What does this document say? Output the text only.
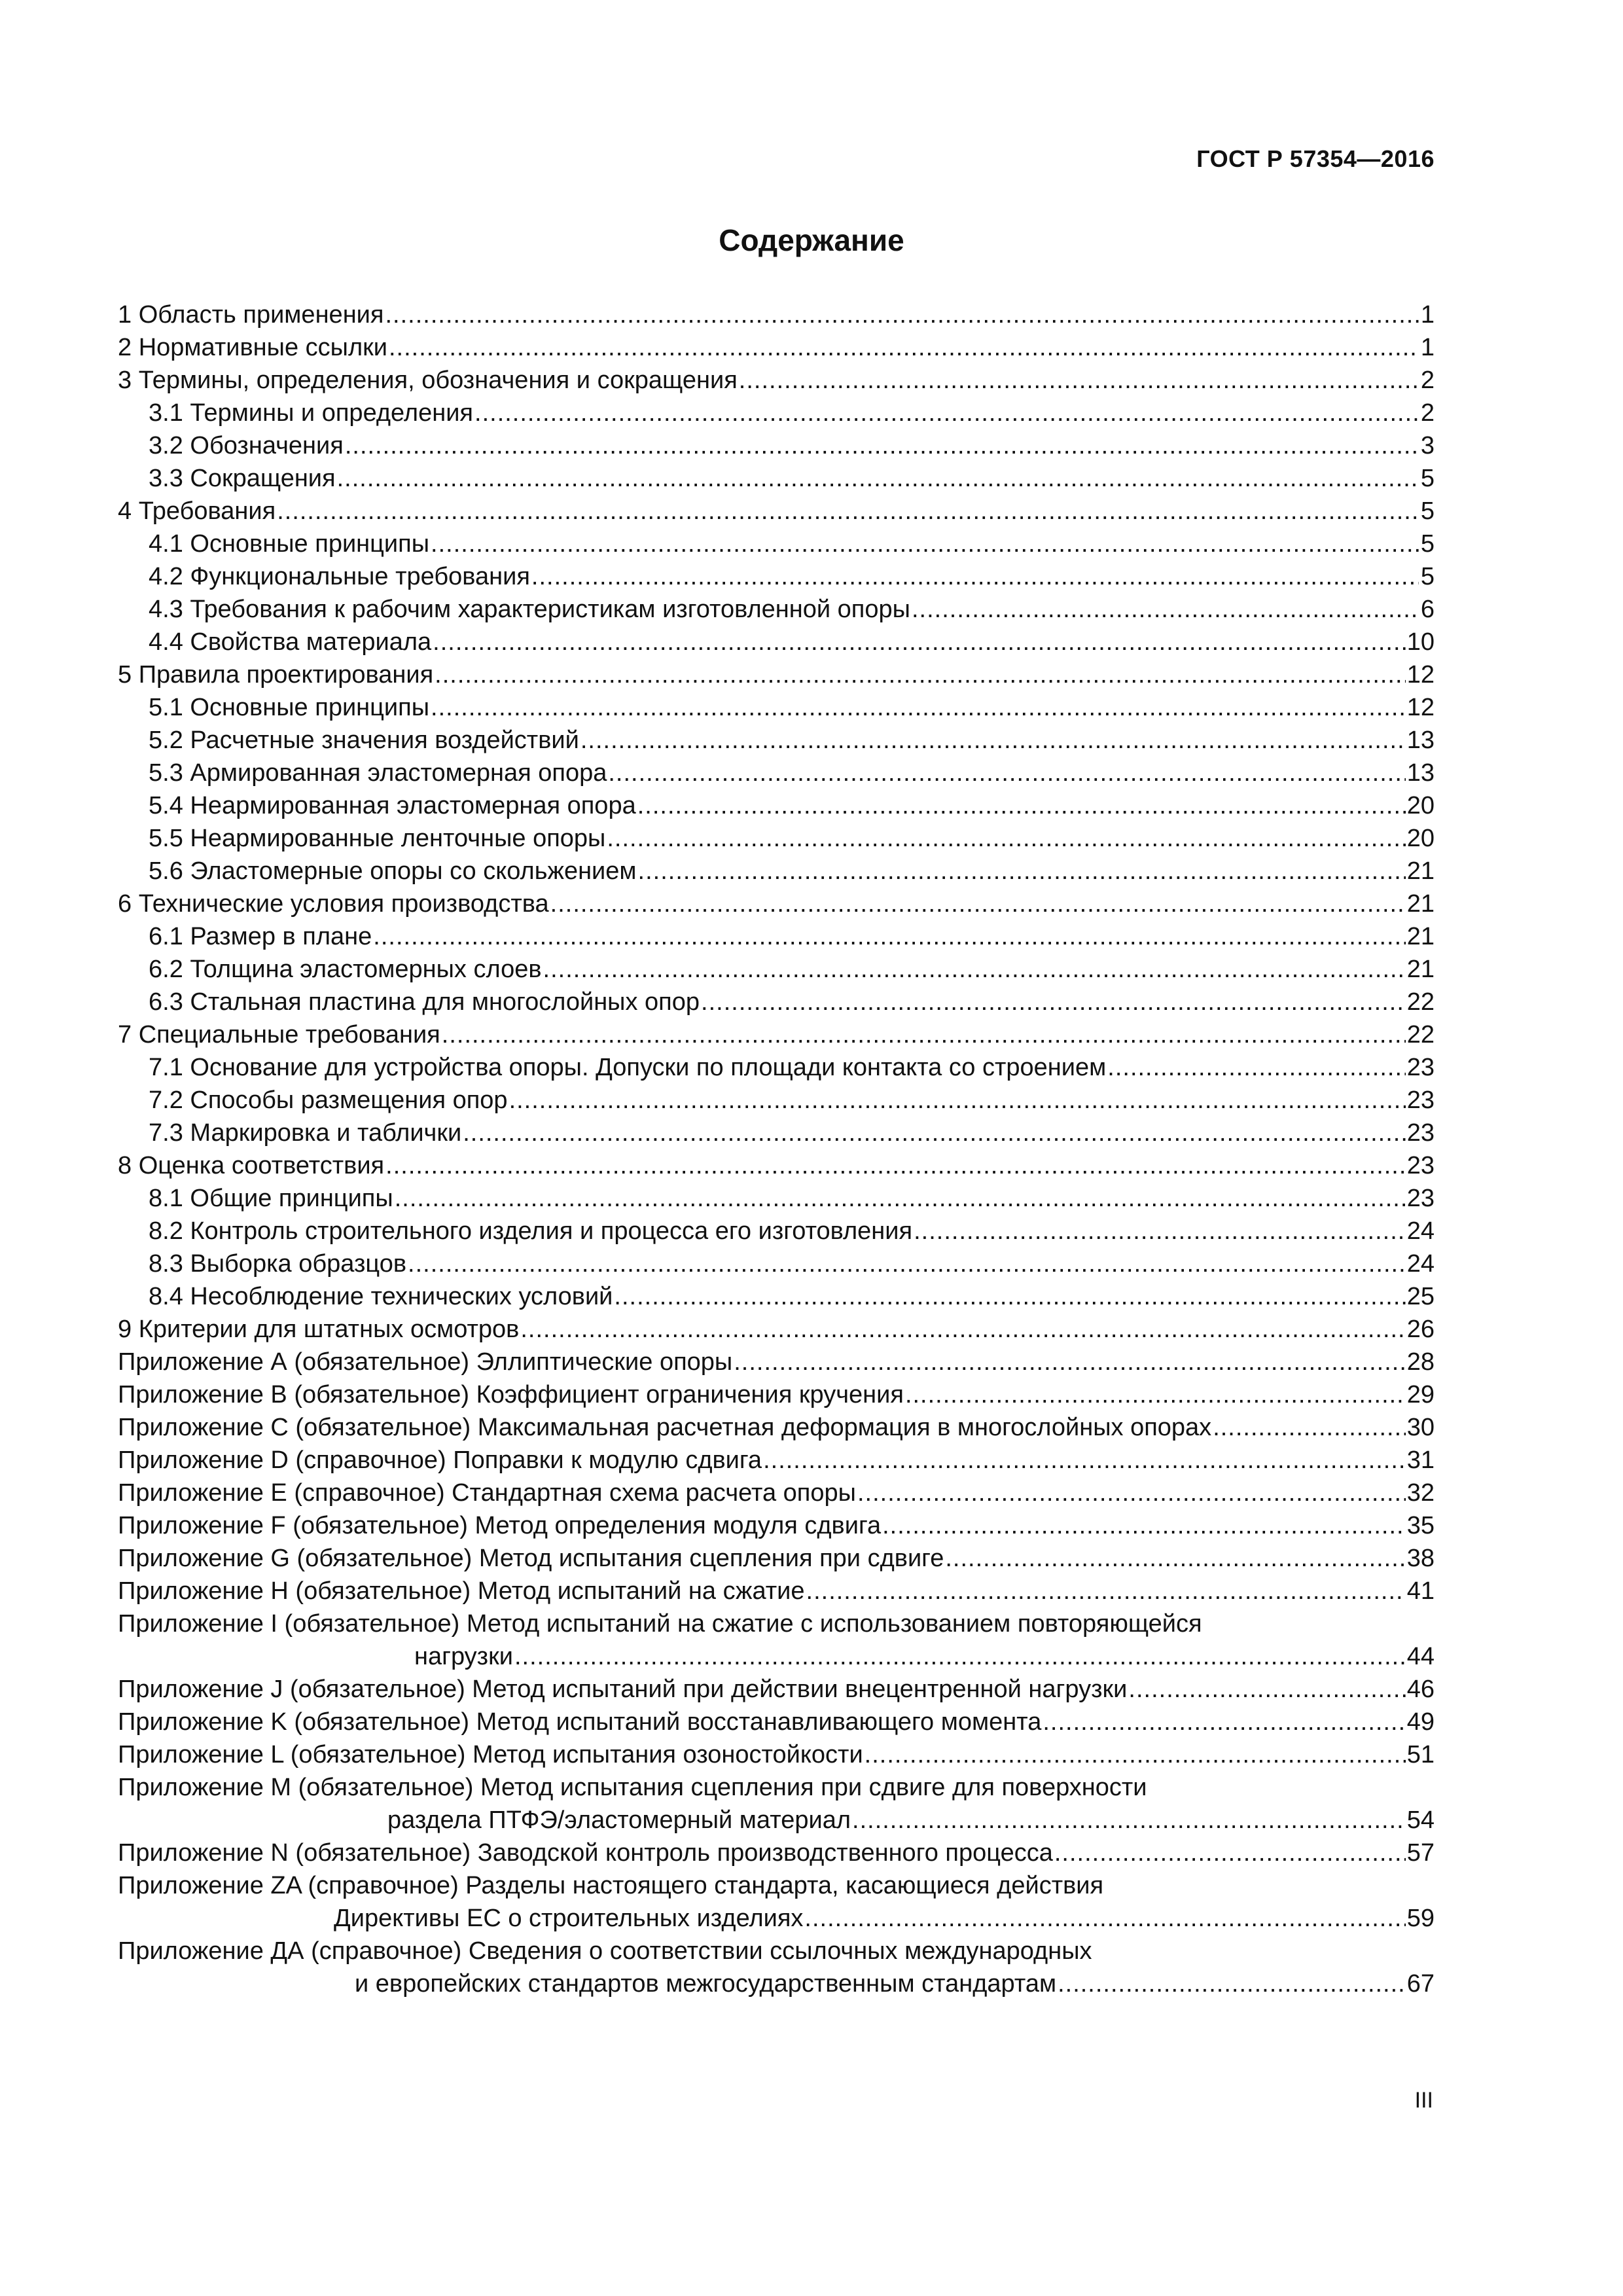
ГОСТ Р 57354—2016
Содержание
1 Область применения .....	1
2 Нормативные ссылки .....	1
3 Термины, определения, обозначения и сокращения .....	2
3.1 Термины и определения .....	2
3.2 Обозначения .....	3
3.3 Сокращения .....	5
4 Требования .....	5
4.1 Основные принципы .....	5
4.2 Функциональные требования .....	5
4.3 Требования к рабочим характеристикам изготовленной опоры .....	6
4.4 Свойства материала .....	10
5 Правила проектирования .....	12
5.1 Основные принципы .....	12
5.2 Расчетные значения воздействий .....	13
5.3 Армированная эластомерная опора .....	13
5.4 Неармированная эластомерная опора .....	20
5.5 Неармированные ленточные опоры .....	20
5.6 Эластомерные опоры со скольжением .....	21
6 Технические условия производства .....	21
6.1 Размер в плане .....	21
6.2 Толщина эластомерных слоев .....	21
6.3 Стальная пластина для многослойных опор .....	22
7 Специальные требования .....	22
7.1 Основание для устройства опоры. Допуски по площади контакта со строением .....	23
7.2 Способы размещения опор .....	23
7.3 Маркировка и таблички .....	23
8 Оценка соответствия .....	23
8.1 Общие принципы .....	23
8.2 Контроль строительного изделия и процесса его изготовления .....	24
8.3 Выборка образцов .....	24
8.4 Несоблюдение технических условий .....	25
9 Критерии для штатных осмотров .....	26
Приложение А (обязательное) Эллиптические опоры .....	28
Приложение В (обязательное) Коэффициент ограничения кручения .....	29
Приложение С (обязательное) Максимальная расчетная деформация в многослойных опорах .....	30
Приложение D (справочное) Поправки к модулю сдвига .....	31
Приложение Е (справочное) Стандартная схема расчета опоры .....	32
Приложение F (обязательное) Метод определения модуля сдвига .....	35
Приложение G (обязательное) Метод испытания сцепления при сдвиге .....	38
Приложение Н (обязательное) Метод испытаний на сжатие .....	41
Приложение I (обязательное) Метод испытаний на сжатие с использованием повторяющейся
нагрузки .....	44
Приложение J (обязательное) Метод испытаний при действии внецентренной нагрузки .....	46
Приложение K (обязательное) Метод испытаний восстанавливающего момента .....	49
Приложение L (обязательное) Метод испытания озоностойкости .....	51
Приложение М (обязательное) Метод испытания сцепления при сдвиге для поверхности
раздела ПТФЭ/эластомерный материал .....	54
Приложение N (обязательное) Заводской контроль производственного процесса .....	57
Приложение ZA (справочное) Разделы настоящего стандарта, касающиеся действия
Директивы ЕС о строительных изделиях .....	59
Приложение ДА (справочное) Сведения о соответствии ссылочных международных
и европейских стандартов межгосударственным стандартам .....	67
III
